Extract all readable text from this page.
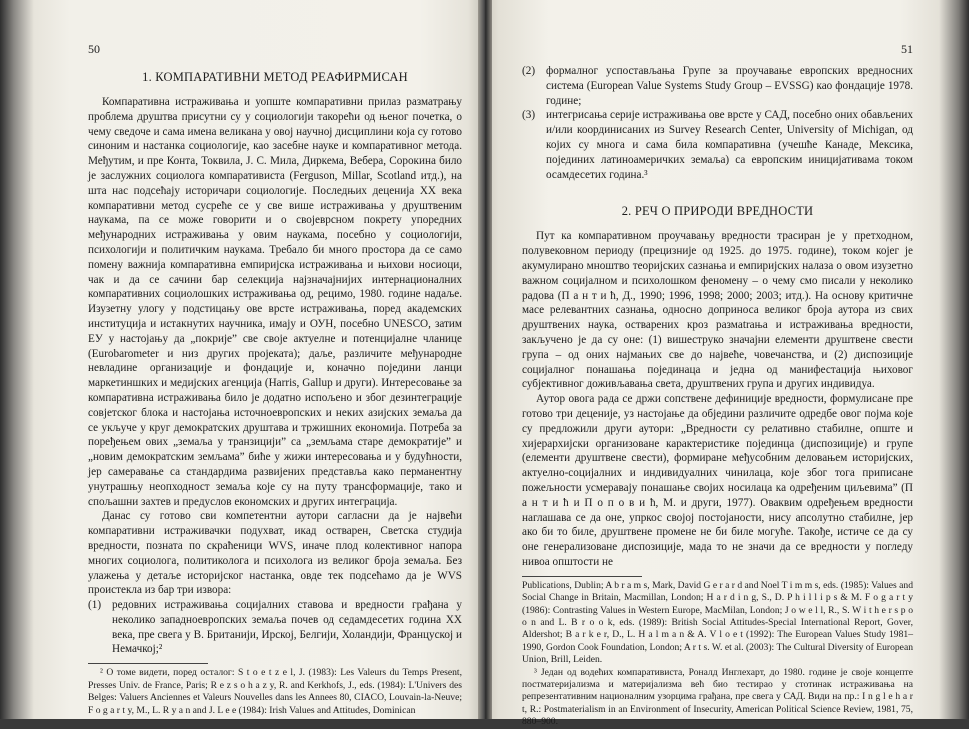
50
1. КОМПАРАТИВНИ МЕТОД РЕАФИРМИСАН

Компаративна истраживања и уопште компаративни прилаз разматрању проблема друштва присутни су у социологији такорећи од њеног почетка, о чему сведоче и сама имена великана у овој научној дисциплини која су готово синоним и настанка социологије, као засебне науке и компаративног метода. Међутим, и пре Конта, Токвила, Ј. С. Мила, Диркема, Вебера, Сорокина било је заслужних социолога компаративиста (Ferguson, Millar, Scotland итд.), на шта нас подсећају историчари социологије. Последњих деценија XX века компаративни метод сусреће се у све више истраживања у друштвеним наукама, па се може говорити и о својеврсном покрету упоредних међународних истраживања у овим наукама, посебно у социологији, психологији и политичким наукама. Требало би много простора да се само помену важнија компаративна емпиријска истраживања и њихови носиоци, чак и да се сачини бар селекција најзначајнијих интернационалних компаративних социолошких истраживања од, рецимо, 1980. године надаље. Изузетну улогу у подстицању ове врсте истраживања, поред академских институција и истакнутих научника, имају и ОУН, посебно UNESCO, затим ЕУ у настојању да „покрије” све своје актуелне и потенцијалне чланице (Eurobarometer и низ других пројеката); даље, различите међународне невладине организације и фондације и, коначно поједини ланци маркетиншких и медијских агенција (Harris, Gallup и други). Интересовање за компаративна истраживања било је додатно испољено и због дезинтеграције совјетског блока и настојања источноевропских и неких азијских земаља да се укључе у круг демократских друштава и тржишних економија. Потреба за поређењем ових „земаља у транзицији” са „земљама старе демократије” и „новим демократским земљама” биће у жижи интересовања и у будућности, јер самеравање са стандардима развијених представља како перманентну унутрашњу неопходност земаља које су на путу трансформације, тако и спољашни захтев и предуслов економских и других интеграција.

Данас су готово сви компетентни аутори сагласни да је највећи компаративни истраживачки подухват, икад остварен, Светска студија вредности, позната по скраћеници WVS, иначе плод колективног напора многих социолога, политиколога и психолога из великог броја земаља. Без улажења у детаље историјског настанка, овде тек подсећамо да је WVS проистекла из бар три извора:

(1) редовних истраживања социјалних ставова и вредности грађана у неколико западноевропских земаља почев од седамдесетих година XX века, пре свега у В. Британији, Ирској, Белгији, Холандији, Француској и Немачкој;²

² О томе видети, поред осталог: S t o e t z e l, J. (1983): Les Valeurs du Temps Present, Presses Univ. de France, Paris; R e z s o h a z y, R. and Kerkhofs, J., eds. (1984): L'Univers des Belges: Valuers Anciennes et Valeurs Nouvelles dans les Annees 80, CIACO, Louvain-la-Neuve; F o g a r t y, M., L. R y a n and J. L e e (1984): Irish Values and Attitudes, Dominican

51
(2) формалног успостављања Групе за проучавање европских вредносних система (European Value Systems Study Group – EVSSG) као фондације 1978. године;
(3) интегрисања серије истраживања ове врсте у САД, посебно оних обављених и/или координисаних из Survey Research Center, University of Michigan, од којих су многа и сама била компаративна (учешће Канаде, Мексика, појединих латиноамеричких земаља) са европским иницијативама током осамдесетих година.³
2. РЕЧ О ПРИРОДИ ВРЕДНОСТИ

Пут ка компаративном проучавању вредности трасиран је у претходном, полувековном периоду (прецизније од 1925. до 1975. године), током којег је акумулирано мноштво теоријских сазнања и емпиријских налаза о овом изузетно важном социјалном и психолошком феномену – о чему смо писали у неколико радова (П а н т и ћ, Д., 1990; 1996, 1998; 2000; 2003; итд.). На основу критичне масе релевантних сазнања, односно доприноса великог броја аутора из свих друштвених наука, остварених кроз размatrања и истраживања вредности, закључено је да су оне: (1) вишеструко значајни елементи друштвене свести група – од оних најмањих све до највеће, човечанства, и (2) диспозиције социјалног понашања појединаца и једна од манифестација њиховог субјективног доживљавања света, друштвених група и других индивидуа.

Аутор овога рада се држи сопствене дефиниције вредности, формулисане пре готово три деценије, уз настојање да обједини различите одредбе овог појма које су предложили други аутори: „Вредности су релативно стабилне, опште и хијерархијски организоване карактеристике појединца (диспозиције) и групе (елементи друштвене свести), формиране међусобним деловањем историјских, актуелно-социјалних и индивидуалних чинилаца, које због тога приписане пожељности усмеравају понашање својих носилаца ка одређеним циљевима” (П а н т и ћ и П о п о в и ћ, М. и други, 1977). Оваквим одређењем вредности наглашава се да оне, упркос својој постојаности, нису апсолутно стабилне, јер ако би то биле, друштвене промене не би биле могуће. Такође, истиче се да су оне генерализоване диспозиције, мада то не значи да се вредности у погледу нивоа општости не

Publications, Dublin; A b r a m s, Mark, David G e r a r d and Noel T i m m s, eds. (1985): Values and Social Change in Britain, Macmillan, London; H a r d i n g, S., D. P h i l l i p s & M. F o g a r t y (1986): Contrasting Values in Western Europe, MacMilan, London; J o w e l l, R., S. W i t h e r s p o o n and L. B r o o k, eds. (1989): British Social Attitudes-Special International Report, Gover, Aldershot; B a r k e r, D., L. H a l m a n & A. V l o e t (1992): The European Values Study 1981–1990, Gordon Cook Foundation, London; A r t s. W. et al. (2003): The Cultural Diversity of European Union, Brill, Leiden.

³ Један од водећих компаративиста, Роналд Инглехарт, до 1980. године је своје концепте постматеријализма и материјализма већ био тестирао у стотинак истраживања на репрезентативним националним узорцима грађана, пре свега у САД. Види на пр.: I n g l e h a r t, R.: Postmaterialism in an Environment of Insecurity, American Political Science Review, 1981, 75, 880–900.
